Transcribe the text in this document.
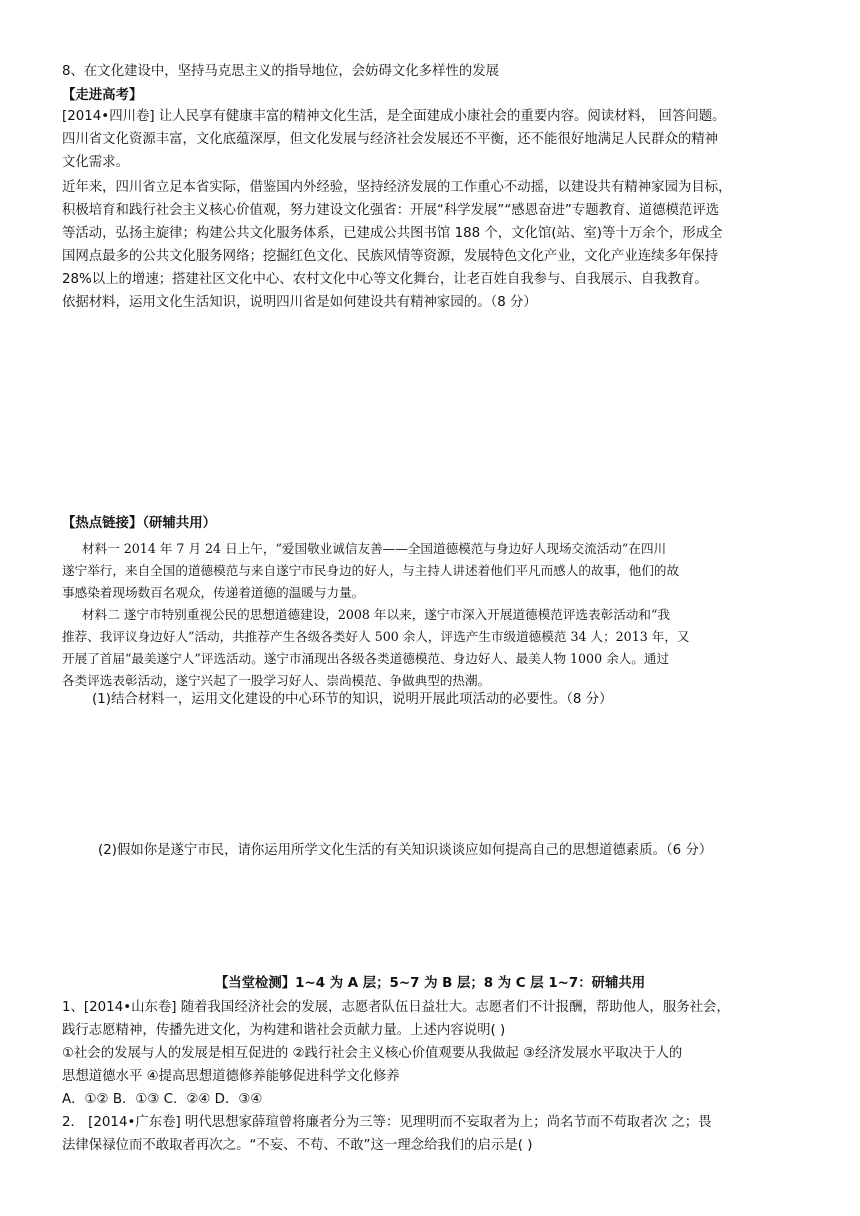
8、在文化建设中，坚持马克思主义的指导地位，会妨碍文化多样性的发展
【走进高考】
[2014•四川卷] 让人民享有健康丰富的精神文化生活，是全面建成小康社会的重要内容。阅读材料， 回答问题。
四川省文化资源丰富，文化底蕴深厚，但文化发展与经济社会发展还不平衡，还不能很好地满足人民群众的精神
文化需求。
近年来，四川省立足本省实际，借鉴国内外经验，坚持经济发展的工作重心不动摇，以建设共有精神家园为目标，
积极培育和践行社会主义核心价值观，努力建设文化强省：开展“科学发展”“感恩奋进”专题教育、道德模范评选
等活动，弘扬主旋律；构建公共文化服务体系，已建成公共图书馆 188 个，文化馆(站、室)等十万余个，形成全
国网点最多的公共文化服务网络；挖掘红色文化、民族风情等资源，发展特色文化产业，文化产业连续多年保持
28%以上的增速；搭建社区文化中心、农村文化中心等文化舞台，让老百姓自我参与、自我展示、自我教育。
依据材料，运用文化生活知识，说明四川省是如何建设共有精神家园的。（8 分）
【热点链接】（研辅共用）
材料一 2014 年 7 月 24 日上午，“爱国敬业诚信友善——全国道德模范与身边好人现场交流活动”在四川
遂宁举行，来自全国的道德模范与来自遂宁市民身边的好人，与主持人讲述着他们平凡而感人的故事，他们的故
事感染着现场数百名观众，传递着道德的温暖与力量。
材料二 遂宁市特别重视公民的思想道德建设，2008 年以来，遂宁市深入开展道德模范评选表彰活动和“我
推荐、我评议身边好人”活动，共推荐产生各级各类好人 500 余人，评选产生市级道德模范 34 人；2013 年，又
开展了首届“最美遂宁人”评选活动。遂宁市涌现出各级各类道德模范、身边好人、最美人物 1000 余人。通过
各类评选表彰活动，遂宁兴起了一股学习好人、崇尚模范、争做典型的热潮。
(1)结合材料一，运用文化建设的中心环节的知识，说明开展此项活动的必要性。（8 分）
(2)假如你是遂宁市民，请你运用所学文化生活的有关知识谈谈应如何提高自己的思想道德素质。（6 分）
【当堂检测】1~4 为 A 层；5~7 为 B 层；8 为 C 层 1~7：研辅共用
1、[2014•山东卷] 随着我国经济社会的发展，志愿者队伍日益壮大。志愿者们不计报酬，帮助他人，服务社会，
践行志愿精神，传播先进文化，为构建和谐社会贡献力量。上述内容说明( )
①社会的发展与人的发展是相互促进的 ②践行社会主义核心价值观要从我做起 ③经济发展水平取决于人的
思想道德水平 ④提高思想道德修养能够促进科学文化修养
A．①② B．①③ C．②④ D．③④
2． [2014•广东卷] 明代思想家薛瑄曾将廉者分为三等：见理明而不妄取者为上；尚名节而不苟取者次 之；畏
法律保禄位而不敢取者再次之。“不妄、不苟、不敢”这一理念给我们的启示是( )
